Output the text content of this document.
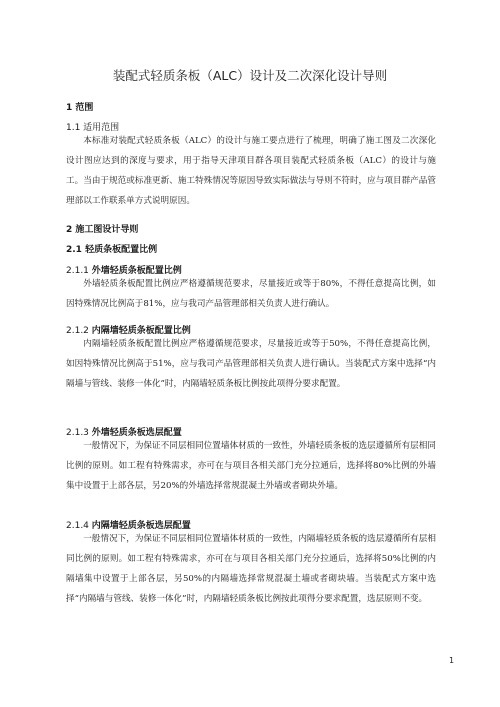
装配式轻质条板（ALC）设计及二次深化设计导则
1 范围
1.1 适用范围

本标准对装配式轻质条板（ALC）的设计与施工要点进行了梳理，明确了施工图及二次深化设计图应达到的深度与要求，用于指导天津项目群各项目装配式轻质条板（ALC）的设计与施工。当由于规范或标准更新、施工特殊情况等原因导致实际做法与导则不符时，应与项目群产品管理部以工作联系单方式说明原因。

2 施工图设计导则
2.1 轻质条板配置比例
2.1.1 外墙轻质条板配置比例

外墙轻质条板配置比例应严格遵循规范要求，尽量接近或等于80%，不得任意提高比例，如因特殊情况比例高于81%，应与我司产品管理部相关负责人进行确认。

2.1.2 内隔墙轻质条板配置比例

内隔墙轻质条板配置比例应严格遵循规范要求，尽量接近或等于50%，不得任意提高比例，如因特殊情况比例高于51%，应与我司产品管理部相关负责人进行确认。当装配式方案中选择“内隔墙与管线、装修一体化”时，内隔墙轻质条板比例按此项得分要求配置。

2.1.3 外墙轻质条板选层配置

一般情况下，为保证不同层相同位置墙体材质的一致性，外墙轻质条板的选层遵循所有层相同比例的原则。如工程有特殊需求，亦可在与项目各相关部门充分拉通后，选择将80%比例的外墙集中设置于上部各层，另20%的外墙选择常规混凝土外墙或者砌块外墙。

2.1.4 内隔墙轻质条板选层配置

一般情况下，为保证不同层相同位置墙体材质的一致性，内隔墙轻质条板的选层遵循所有层相同比例的原则。如工程有特殊需求，亦可在与项目各相关部门充分拉通后，选择将50%比例的内隔墙集中设置于上部各层，另50%的内隔墙选择常规混凝土墙或者砌块墙。当装配式方案中选择“内隔墙与管线、装修一体化”时，内隔墙轻质条板比例按此项得分要求配置，选层原则不变。

1
